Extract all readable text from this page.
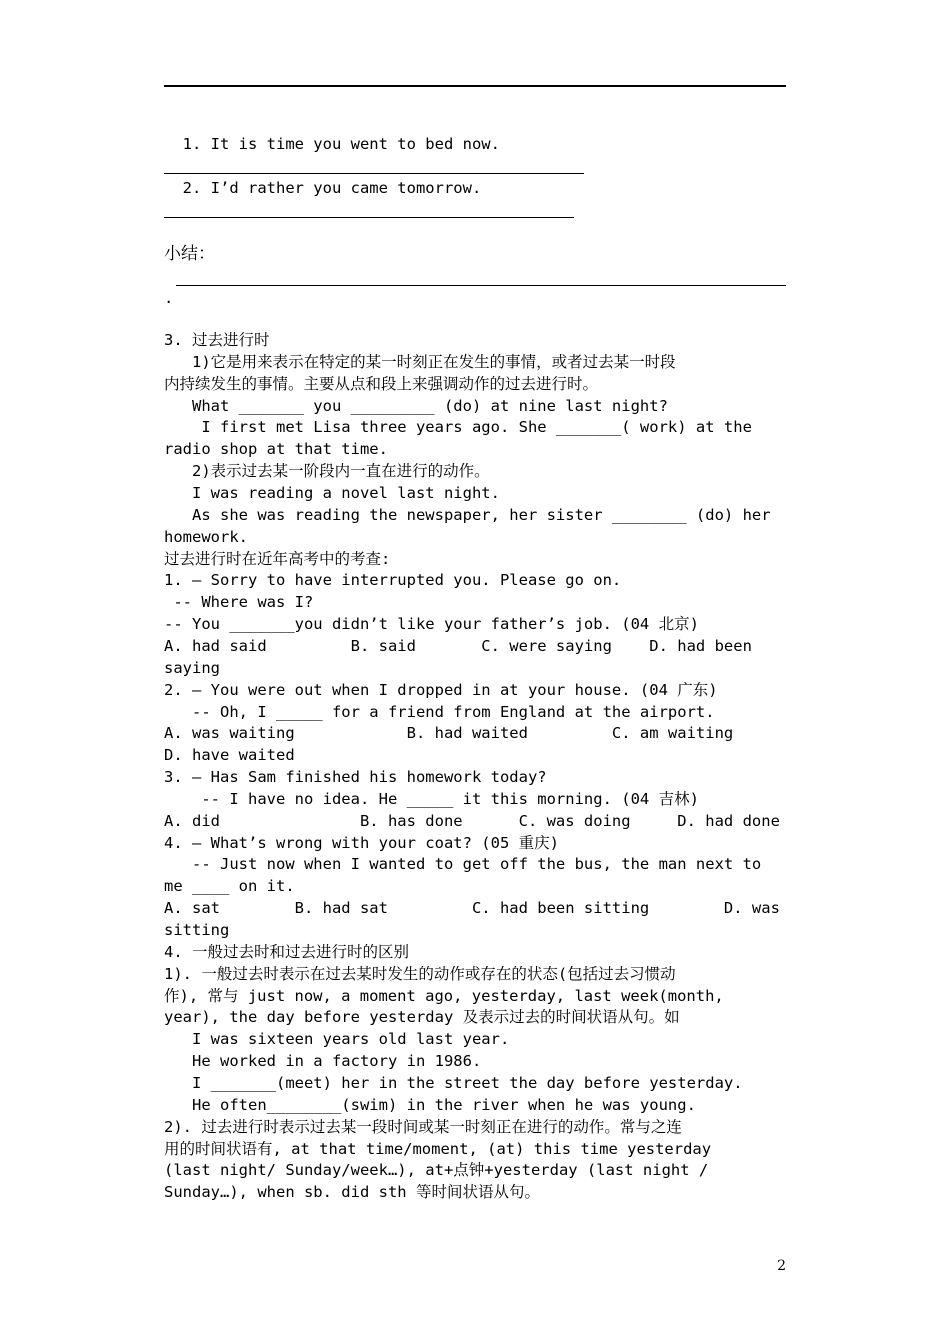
1. It is time you went to bed now.
2. I’d rather you came tomorrow.
小结：
.
3. 过去进行时
1)它是用来表示在特定的某一时刻正在发生的事情，或者过去某一时段
内持续发生的事情。主要从点和段上来强调动作的过去进行时。
What _______ you _________ (do) at nine last night?
I first met Lisa three years ago. She _______( work) at the
radio shop at that time.
2)表示过去某一阶段内一直在进行的动作。
I was reading a novel last night.
As she was reading the newspaper, her sister ________ (do) her
homework.
过去进行时在近年高考中的考查:
1. – Sorry to have interrupted you. Please go on.
-- Where was I?
-- You _______you didn’t like your father’s job. (04 北京)
A. had said         B. said       C. were saying    D. had been
saying
2. – You were out when I dropped in at your house. (04 广东)
-- Oh, I _____ for a friend from England at the airport.
A. was waiting            B. had waited         C. am waiting
D. have waited
3. – Has Sam finished his homework today?
-- I have no idea. He _____ it this morning. (04 吉林)
A. did               B. has done      C. was doing     D. had done
4. – What’s wrong with your coat? (05 重庆)
-- Just now when I wanted to get off the bus, the man next to
me ____ on it.
A. sat        B. had sat         C. had been sitting        D. was
sitting
4. 一般过去时和过去进行时的区别
1). 一般过去时表示在过去某时发生的动作或存在的状态(包括过去习惯动
作), 常与 just now, a moment ago, yesterday, last week(month,
year), the day before yesterday 及表示过去的时间状语从句。如
I was sixteen years old last year.
He worked in a factory in 1986.
I _______(meet) her in the street the day before yesterday.
He often________(swim) in the river when he was young.
2). 过去进行时表示过去某一段时间或某一时刻正在进行的动作。常与之连
用的时间状语有, at that time/moment, (at) this time yesterday
(last night/ Sunday/week…), at+点钟+yesterday (last night /
Sunday…), when sb. did sth 等时间状语从句。
2
